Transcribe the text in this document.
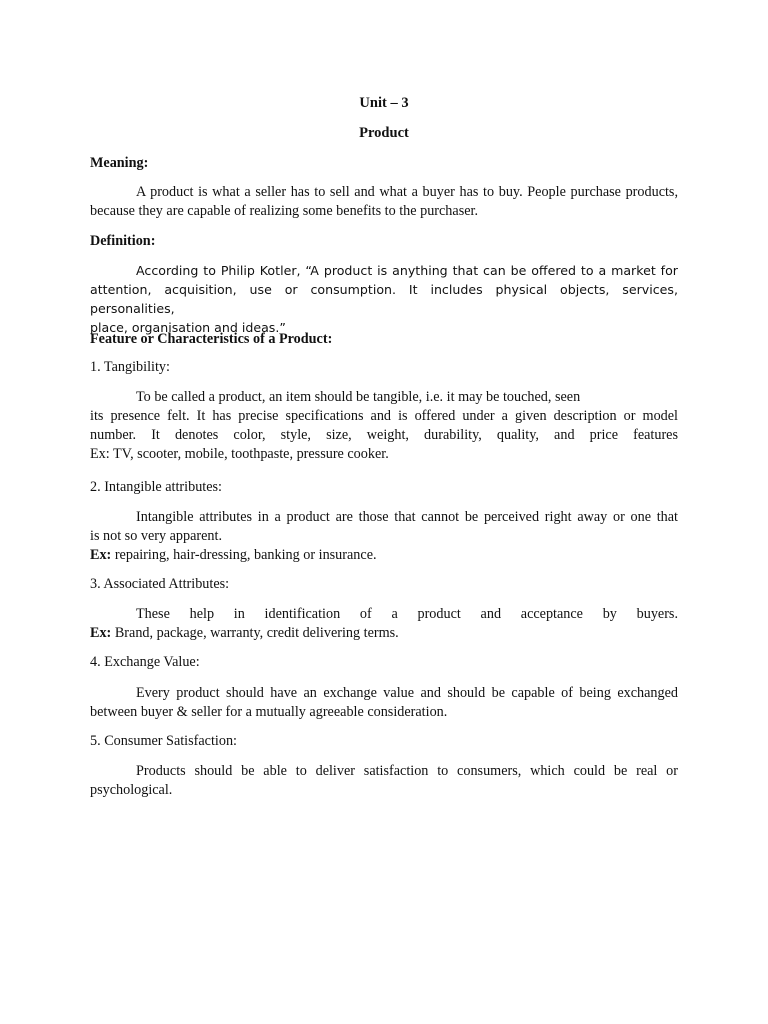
Unit – 3
Product
Meaning:
A product is what a seller has to sell and what a buyer has to buy. People purchase products, because they are capable of realizing some benefits to the purchaser.
Definition:
According to Philip Kotler, “A product is anything that can be offered to a market for
attention, acquisition, use or consumption. It includes physical objects, services, personalities,
place, organisation and ideas.”
Feature or Characteristics of a Product:
1. Tangibility:
To be called a product, an item should be tangible, i.e. it may be touched, seen
its presence felt. It has precise specifications and is offered under a given description or model
number. It denotes color, style, size, weight, durability, quality, and price features
Ex: TV, scooter, mobile, toothpaste, pressure cooker.
2. Intangible attributes:
Intangible attributes in a product are those that cannot be perceived right away or one that
is not so very apparent.
Ex: repairing, hair-dressing, banking or insurance.
3. Associated Attributes:
These help in identification of a product and acceptance by buyers.
Ex: Brand, package, warranty, credit delivering terms.
4. Exchange Value:
Every product should have an exchange value and should be capable of being exchanged
between buyer & seller for a mutually agreeable consideration.
5. Consumer Satisfaction:
Products should be able to deliver satisfaction to consumers, which could be real or
psychological.
